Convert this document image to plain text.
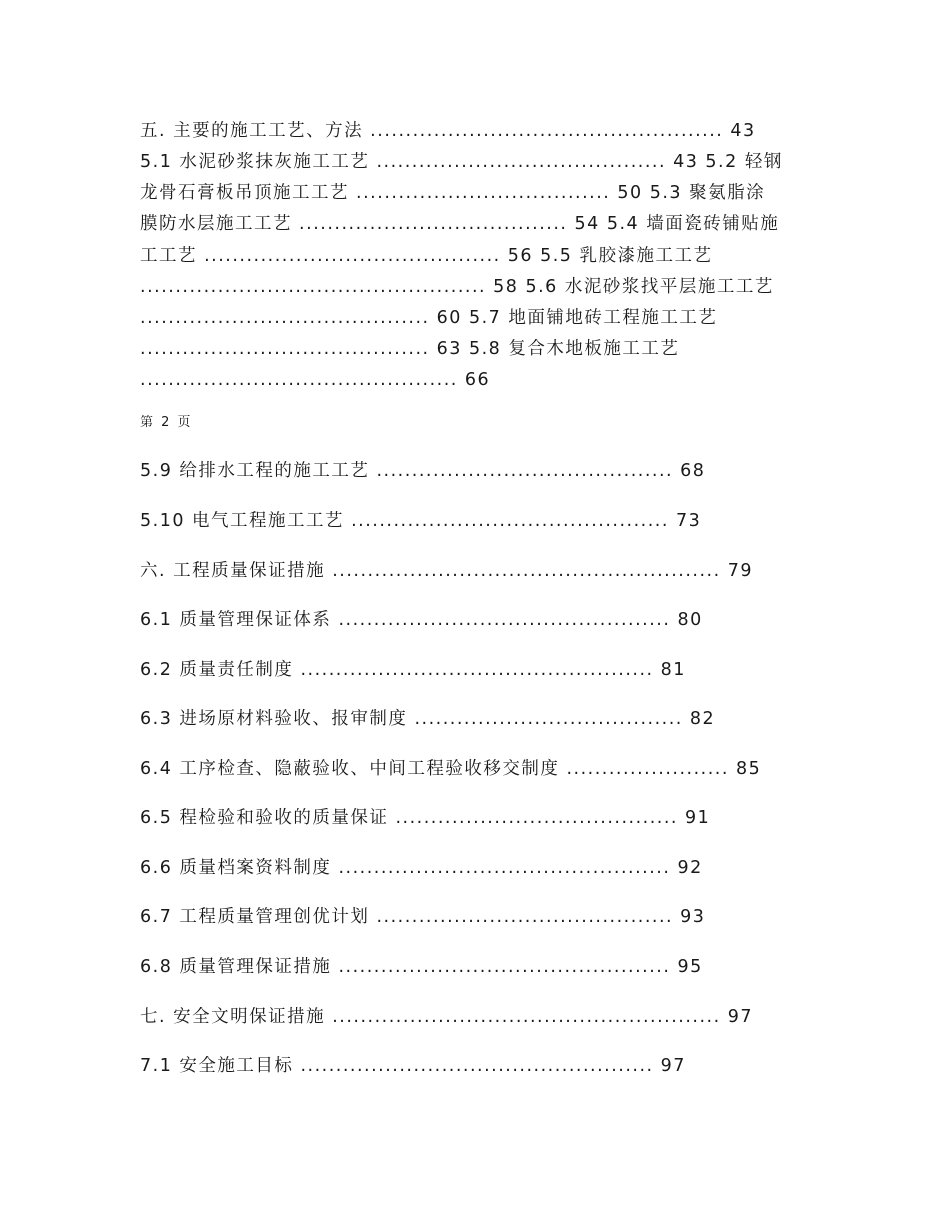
五. 主要的施工工艺、方法 .................................................. 43
5.1 水泥砂浆抹灰施工工艺 ......................................... 43 5.2 轻钢
龙骨石膏板吊顶施工工艺 .................................... 50 5.3 聚氨脂涂
膜防水层施工工艺 ...................................... 54 5.4 墙面瓷砖铺贴施
工工艺 .......................................... 56 5.5 乳胶漆施工工艺
................................................. 58 5.6 水泥砂浆找平层施工工艺
......................................... 60 5.7 地面铺地砖工程施工工艺
......................................... 63 5.8 复合木地板施工工艺
............................................. 66
第 2 页
5.9 给排水工程的施工工艺 .......................................... 68
5.10 电气工程施工工艺 ............................................. 73
六. 工程质量保证措施 ....................................................... 79
6.1 质量管理保证体系 ............................................... 80
6.2 质量责任制度 .................................................. 81
6.3 进场原材料验收、报审制度 ...................................... 82
6.4 工序检查、隐蔽验收、中间工程验收移交制度 ....................... 85
6.5 程检验和验收的质量保证 ........................................ 91
6.6 质量档案资料制度 ............................................... 92
6.7 工程质量管理创优计划 .......................................... 93
6.8 质量管理保证措施 ............................................... 95
七. 安全文明保证措施 ....................................................... 97
7.1 安全施工目标 .................................................. 97
